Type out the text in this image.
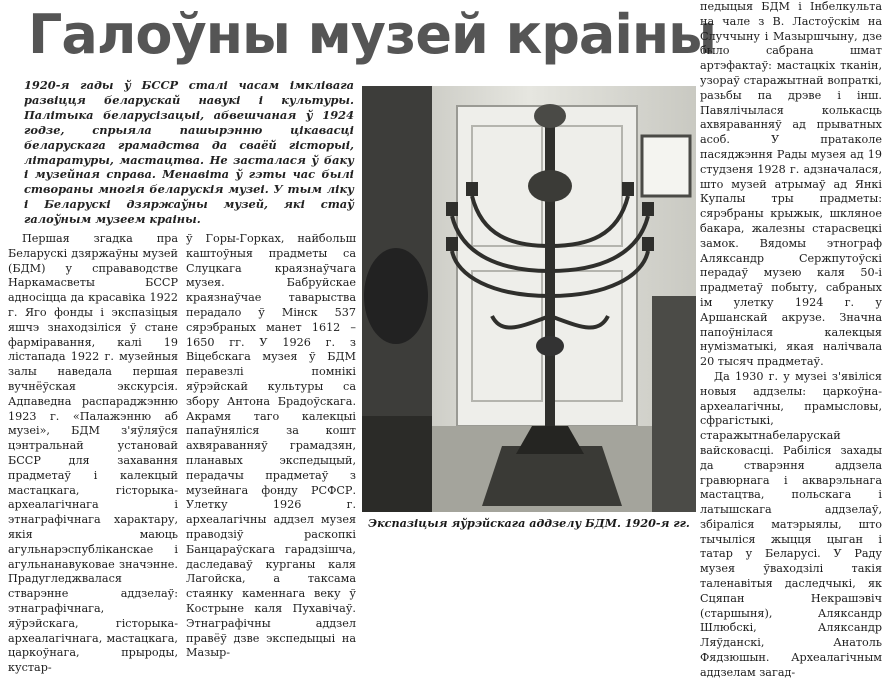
Галоўны музей краіны
1920-я гады ў БССР сталі часам імклівага развіцця беларускай навукі і культуры. Палітыка беларусізацыі, абвешчаная ў 1924 годзе, спрыяла пашырэнню цікавасці беларускага грамадства да сваёй гісторыі, літаратуры, мастацтва. Не засталася ў баку і музейная справа. Менавіта ў гэты час былі створаны многія беларускія музеі. У тым ліку і Беларускі дзяржаўны музей, які стаў галоўным музеем краіны.

Першая згадка пра Беларускі дзяржаўны музей (БДМ) у справаводстве Наркамасветы БССР адносіцца да красавіка 1922 г. Яго фонды і экспазіцыя яшчэ знаходзіліся ў стане фарміравання, калі 19 лістапада 1922 г. музейныя залы наведала першая вучнёўская экскурсія. Адпаведна распараджэнню 1923 г. «Палажэнню аб музеі», БДМ з'яўляўся цэнтральнай установай БССР для захавання прадметаў і калекцый мастацкага, гісторыка-археалагічнага і этнаграфічнага характару, якія маюць агульнарэспубліканскае і агульнанавуковае значэнне. Прадугледжвалася стварэнне аддзелаў: этнаграфічнага, яўрэйскага, гісторыка-археалагічнага, мастацкага, царкоўнага, прыроды, кустар-

ў Горы-Горках, найбольш каштоўныя прадметы са Слуцкага краязнаўчага музея. Бабруйскае краязнаўчае таварыства перадало ў Мінск 537 сярэбраных манет 1612 – 1650 гг. У 1926 г. з Віцебскага музея ў БДМ перавезлі помнікі яўрэйскай культуры са збору Антона Брадоўскага. Акрамя таго калекцыі папаўняліся за кошт ахвяраванняў грамадзян, планавых экспедыцый, перадачы прадметаў з музейнага фонду РСФСР. Улетку 1926 г. археалагічны аддзел музея праводзіў раскопкі Банцараўскага гарадзішча, даследаваў курганы каля Лагойска, а таксама стаянку каменнага веку ў Кострыне каля Пухавічаў. Этнаграфічны аддзел правёў дзве экспедыцыі на Мазыр-

педыцыя БДМ і Інбелкульта на чале з В. Ластоўскім на Случчыну і Мазыршчыну, дзе было сабрана шмат артэфактаў: мастацкіх тканін, узораў старажытнай вопраткі, разьбы па дрэве і інш. Павялічылася колькасць ахвяраванняў ад прыватных асоб. У пратаколе пасяджэння Рады музея ад 19 студзеня 1928 г. адзначалася, што музей атрымаў ад Янкі Купалы тры прадметы: сярэбраны крыжык, шкляное бакара, жалезны старасвецкі замок. Вядомы этнограф Аляксандр Сержпутоўскі перадаў музею каля 50-і прадметаў побыту, сабраных ім улетку 1924 г. у Аршанскай акрузе. Значна папоўнілася калекцыя нумізматыкі, якая налічвала 20 тысяч прадметаў.

Да 1930 г. у музеі з'явіліся новыя аддзелы: царкоўна-археалагічны, прамысловы, сфрагістыкі, старажытнабеларускай вайсковасці. Рабіліся захады да стварэння аддзела гравюрнага і акварэльнага мастацтва, польскага і латышскага аддзелаў, збіраліся матэрыялы, што тычыліся жыцця цыган і татар у Беларусі. У Раду музея ўваходзілі такія таленавітыя даследчыкі, як Сцяпан Некрашэвіч (старшыня), Аляксандр Шлюбскі, Аляксандр Ляўданскі, Анатоль Фядзюшын. Археалагічным аддзелам загад-

Экспазіцыя яўрэйскага аддзелу БДМ. 1920-я гг.
